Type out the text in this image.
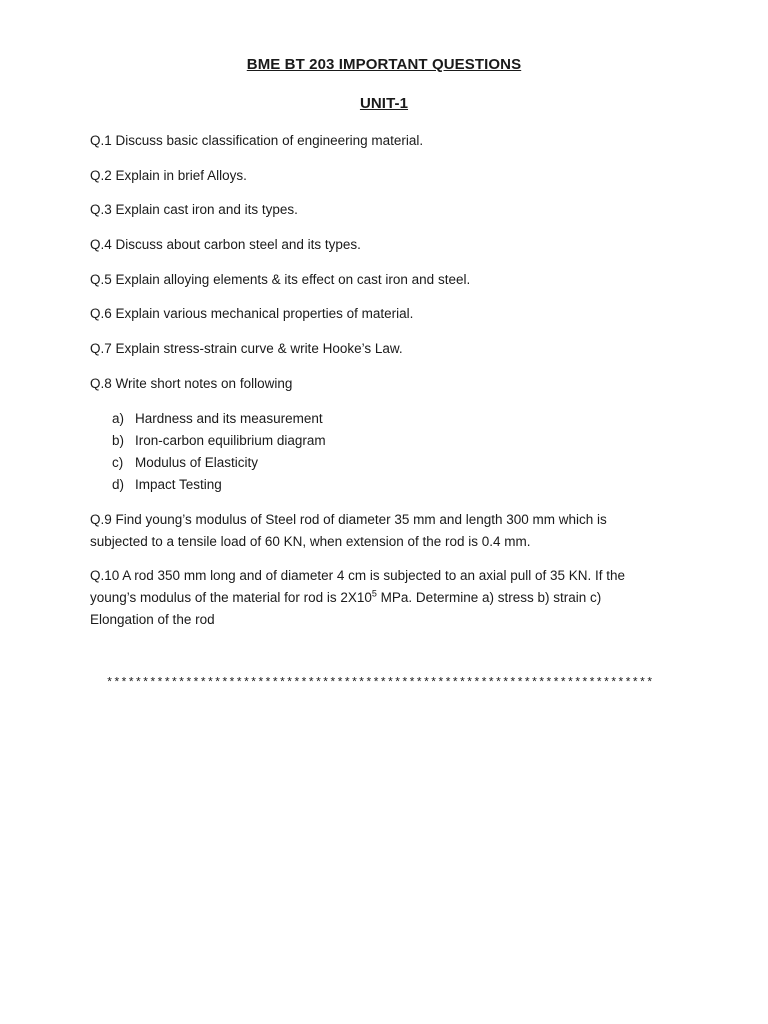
BME BT 203 IMPORTANT QUESTIONS
UNIT-1
Q.1 Discuss basic classification of engineering material.
Q.2 Explain in brief Alloys.
Q.3 Explain cast iron and its types.
Q.4 Discuss about carbon steel and its types.
Q.5 Explain alloying elements & its effect on cast iron and steel.
Q.6 Explain various mechanical properties of material.
Q.7 Explain stress-strain curve & write Hooke’s Law.
Q.8 Write short notes on following
a) Hardness and its measurement
b) Iron-carbon equilibrium diagram
c) Modulus of Elasticity
d) Impact Testing
Q.9 Find young’s modulus of Steel rod of diameter 35 mm and length 300 mm which is
subjected to a tensile load of 60 KN, when extension of the rod is 0.4 mm.
Q.10 A rod 350 mm long and of diameter 4 cm is subjected to an axial pull of 35 KN. If the
young’s modulus of the material for rod is $2X10^5$ MPa. Determine a) stress b) strain c)
Elongation of the rod
****************************************************************************
